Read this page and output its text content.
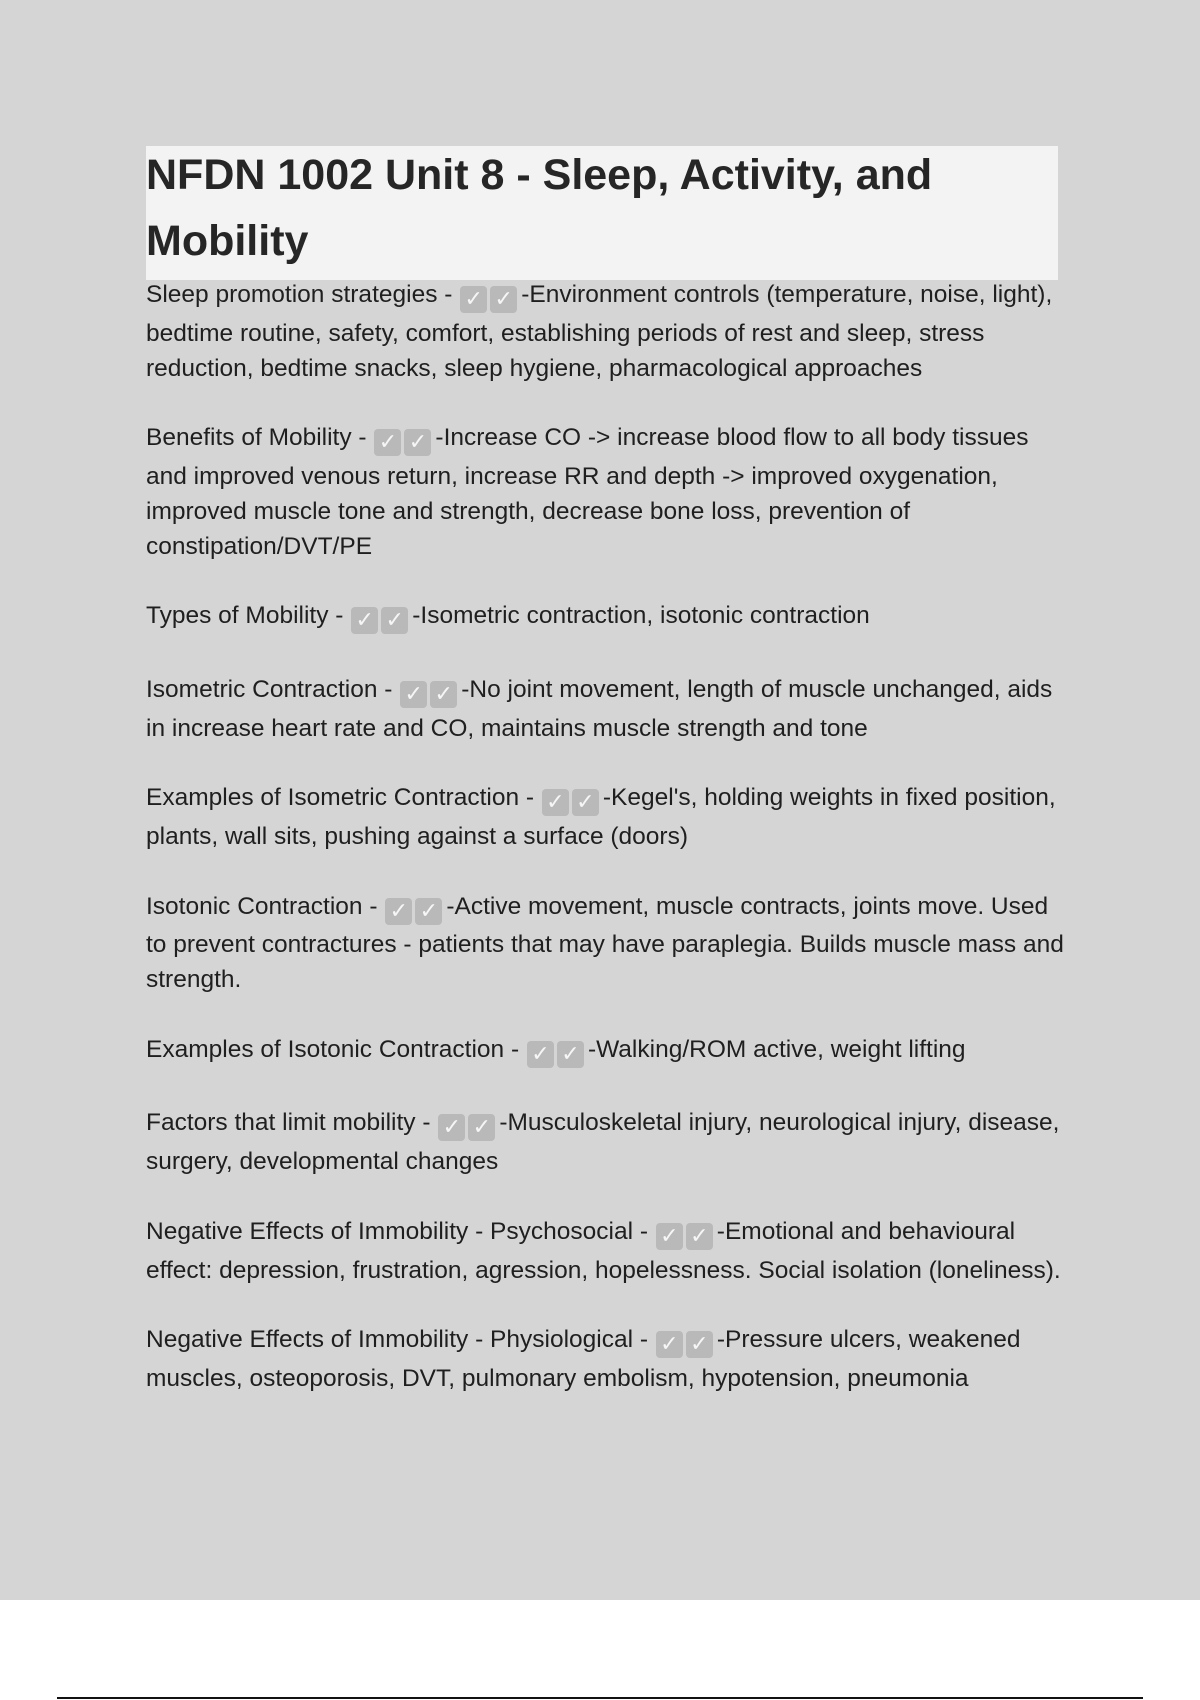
NFDN 1002 Unit 8 - Sleep, Activity, and Mobility

Sleep promotion strategies - ✓ ✓ -Environment controls (temperature, noise, light), bedtime routine, safety, comfort, establishing periods of rest and sleep, stress reduction, bedtime snacks, sleep hygiene, pharmacological approaches

Benefits of Mobility - ✓ ✓ -Increase CO -> increase blood flow to all body tissues and improved venous return, increase RR and depth -> improved oxygenation, improved muscle tone and strength, decrease bone loss, prevention of constipation/DVT/PE

Types of Mobility - ✓ ✓ -Isometric contraction, isotonic contraction

Isometric Contraction - ✓ ✓ -No joint movement, length of muscle unchanged, aids in increase heart rate and CO, maintains muscle strength and tone

Examples of Isometric Contraction - ✓ ✓ -Kegel's, holding weights in fixed position, plants, wall sits, pushing against a surface (doors)

Isotonic Contraction - ✓ ✓ -Active movement, muscle contracts, joints move. Used to prevent contractures - patients that may have paraplegia. Builds muscle mass and strength.

Examples of Isotonic Contraction - ✓ ✓ -Walking/ROM active, weight lifting

Factors that limit mobility - ✓ ✓ -Musculoskeletal injury, neurological injury, disease, surgery, developmental changes

Negative Effects of Immobility - Psychosocial - ✓ ✓ -Emotional and behavioural effect: depression, frustration, agression, hopelessness. Social isolation (loneliness).

Negative Effects of Immobility - Physiological - ✓ ✓ -Pressure ulcers, weakened muscles, osteoporosis, DVT, pulmonary embolism, hypotension, pneumonia
